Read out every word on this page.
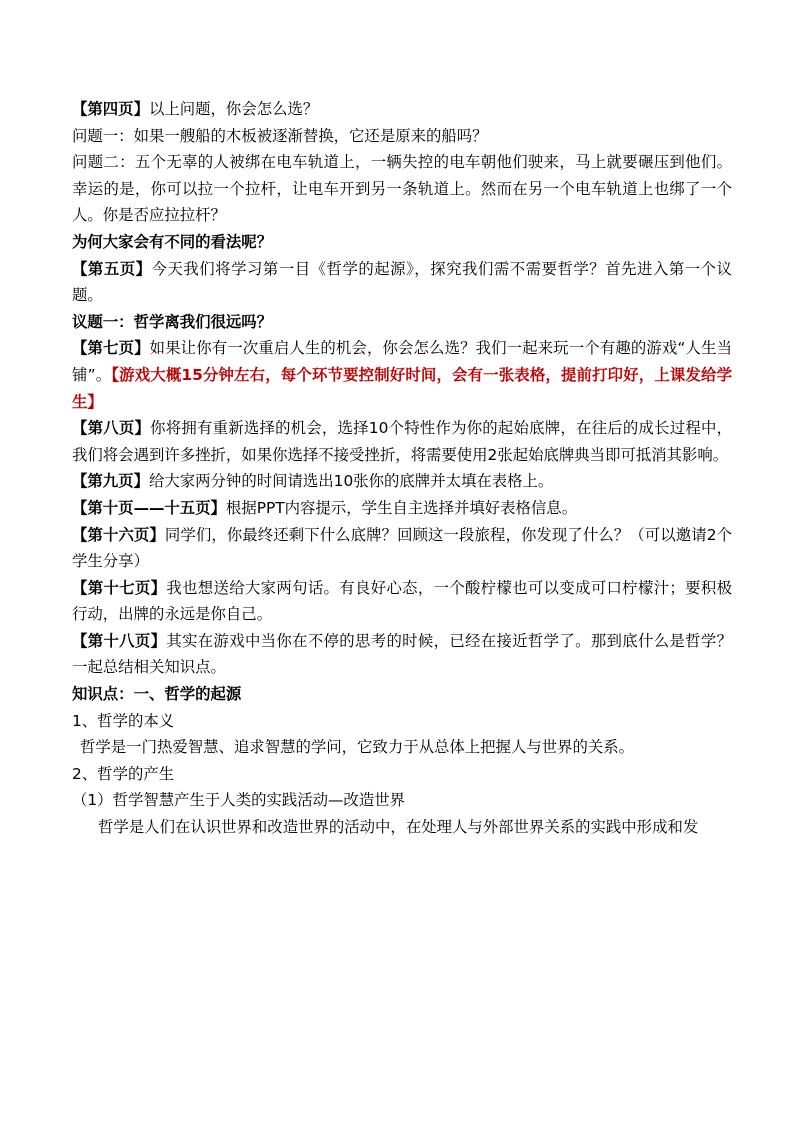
【第四页】以上问题，你会怎么选？

问题一：如果一艘船的木板被逐渐替换，它还是原来的船吗？

问题二：五个无辜的人被绑在电车轨道上，一辆失控的电车朝他们驶来，马上就要碾压到他们。幸运的是，你可以拉一个拉杆，让电车开到另一条轨道上。然而在另一个电车轨道上也绑了一个人。你是否应拉拉杆？

为何大家会有不同的看法呢？

【第五页】今天我们将学习第一目《哲学的起源》，探究我们需不需要哲学？首先进入第一个议题。

议题一：哲学离我们很远吗？

【第七页】如果让你有一次重启人生的机会，你会怎么选？我们一起来玩一个有趣的游戏“人生当铺”。【游戏大概15分钟左右，每个环节要控制好时间，会有一张表格，提前打印好，上课发给学生】

【第八页】你将拥有重新选择的机会，选择10个特性作为你的起始底牌，在往后的成长过程中，我们将会遇到许多挫折，如果你选择不接受挫折，将需要使用2张起始底牌典当即可抵消其影响。

【第九页】给大家两分钟的时间请选出10张你的底牌并太填在表格上。

【第十页——十五页】根据PPT内容提示，学生自主选择并填好表格信息。

【第十六页】同学们，你最终还剩下什么底牌？回顾这一段旅程，你发现了什么？（可以邀请2个学生分享）

【第十七页】我也想送给大家两句话。有良好心态，一个酸柠檬也可以变成可口柠檬汁；要积极行动，出牌的永远是你自己。

【第十八页】其实在游戏中当你在不停的思考的时候，已经在接近哲学了。那到底什么是哲学？一起总结相关知识点。

知识点：一、哲学的起源

1、哲学的本义

哲学是一门热爱智慧、追求智慧的学问，它致力于从总体上把握人与世界的关系。

2、哲学的产生

（1）哲学智慧产生于人类的实践活动—改造世界

哲学是人们在认识世界和改造世界的活动中，在处理人与外部世界关系的实践中形成和发
